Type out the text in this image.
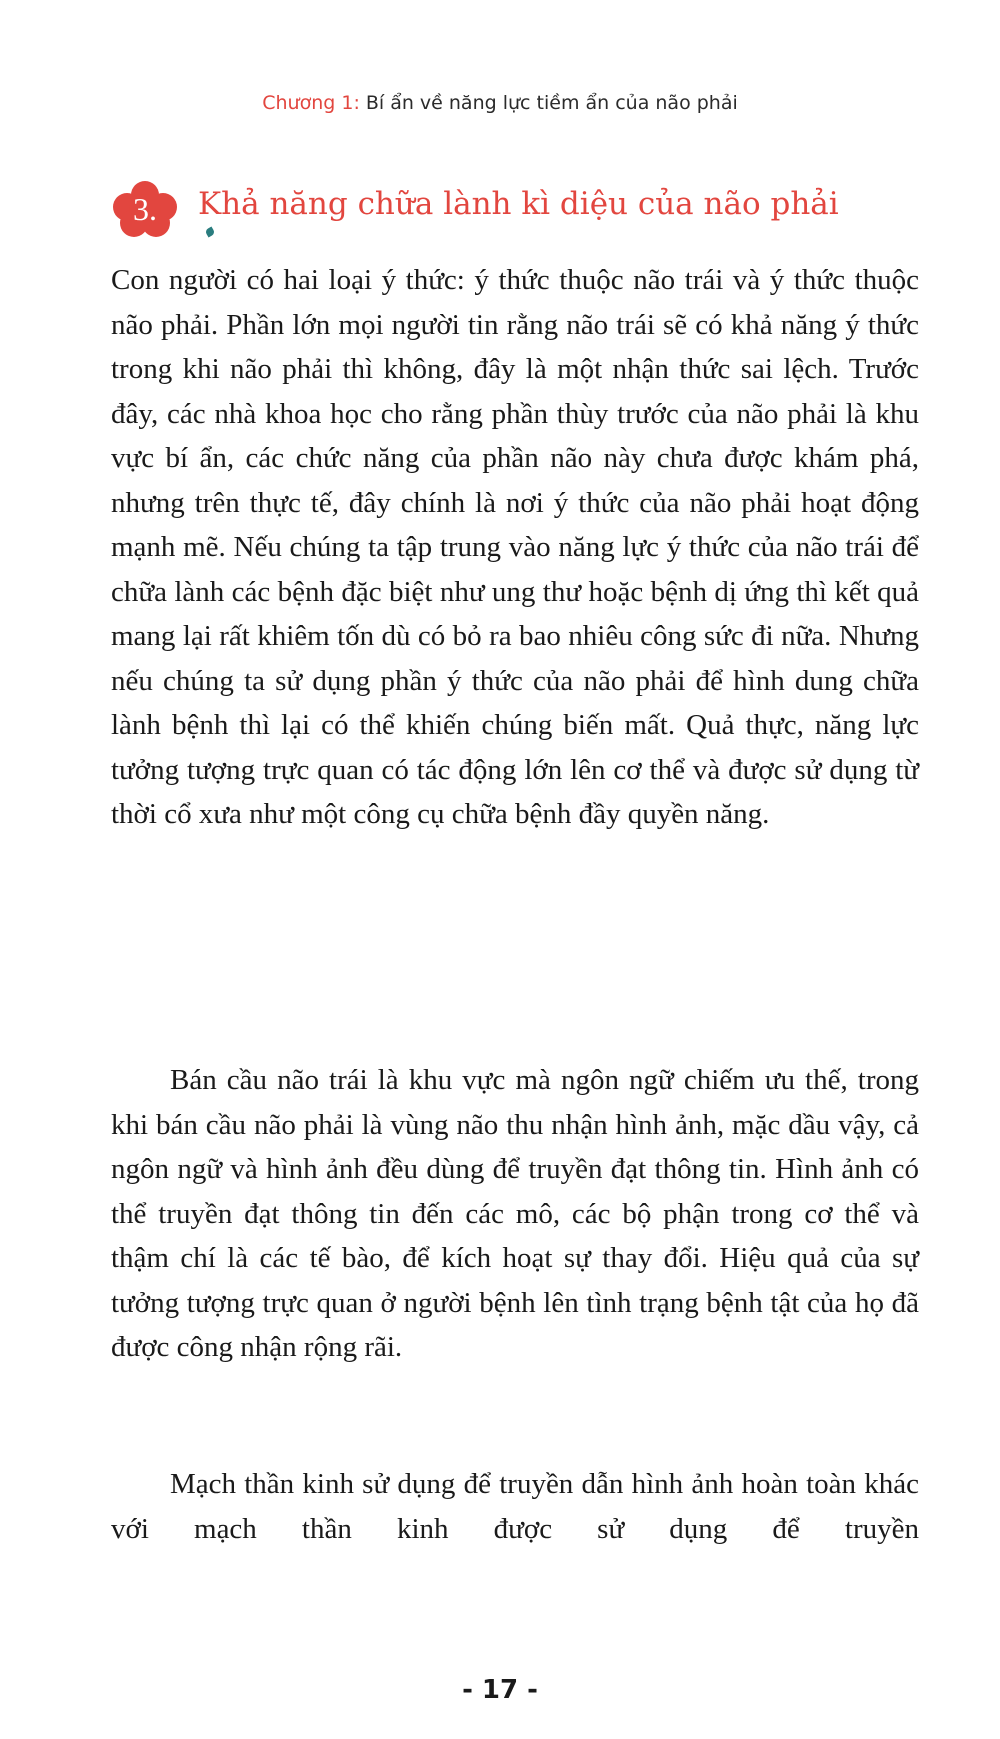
Chương 1: Bí ẩn về năng lực tiềm ẩn của não phải
3.	Khả năng chữa lành kì diệu của não phải

Con người có hai loại ý thức: ý thức thuộc não trái và ý thức thuộc não phải. Phần lớn mọi người tin rằng não trái sẽ có khả năng ý thức trong khi não phải thì không, đây là một nhận thức sai lệch. Trước đây, các nhà khoa học cho rằng phần thùy trước của não phải là khu vực bí ẩn, các chức năng của phần não này chưa được khám phá, nhưng trên thực tế, đây chính là nơi ý thức của não phải hoạt động mạnh mẽ. Nếu chúng ta tập trung vào năng lực ý thức của não trái để chữa lành các bệnh đặc biệt như ung thư hoặc bệnh dị ứng thì kết quả mang lại rất khiêm tốn dù có bỏ ra bao nhiêu công sức đi nữa. Nhưng nếu chúng ta sử dụng phần ý thức của não phải để hình dung chữa lành bệnh thì lại có thể khiến chúng biến mất. Quả thực, năng lực tưởng tượng trực quan có tác động lớn lên cơ thể và được sử dụng từ thời cổ xưa như một công cụ chữa bệnh đầy quyền năng.

Bán cầu não trái là khu vực mà ngôn ngữ chiếm ưu thế, trong khi bán cầu não phải là vùng não thu nhận hình ảnh, mặc dầu vậy, cả ngôn ngữ và hình ảnh đều dùng để truyền đạt thông tin. Hình ảnh có thể truyền đạt thông tin đến các mô, các bộ phận trong cơ thể và thậm chí là các tế bào, để kích hoạt sự thay đổi. Hiệu quả của sự tưởng tượng trực quan ở người bệnh lên tình trạng bệnh tật của họ đã được công nhận rộng rãi.

Mạch thần kinh sử dụng để truyền dẫn hình ảnh hoàn toàn khác với mạch thần kinh được sử dụng để truyền

- 17 -
